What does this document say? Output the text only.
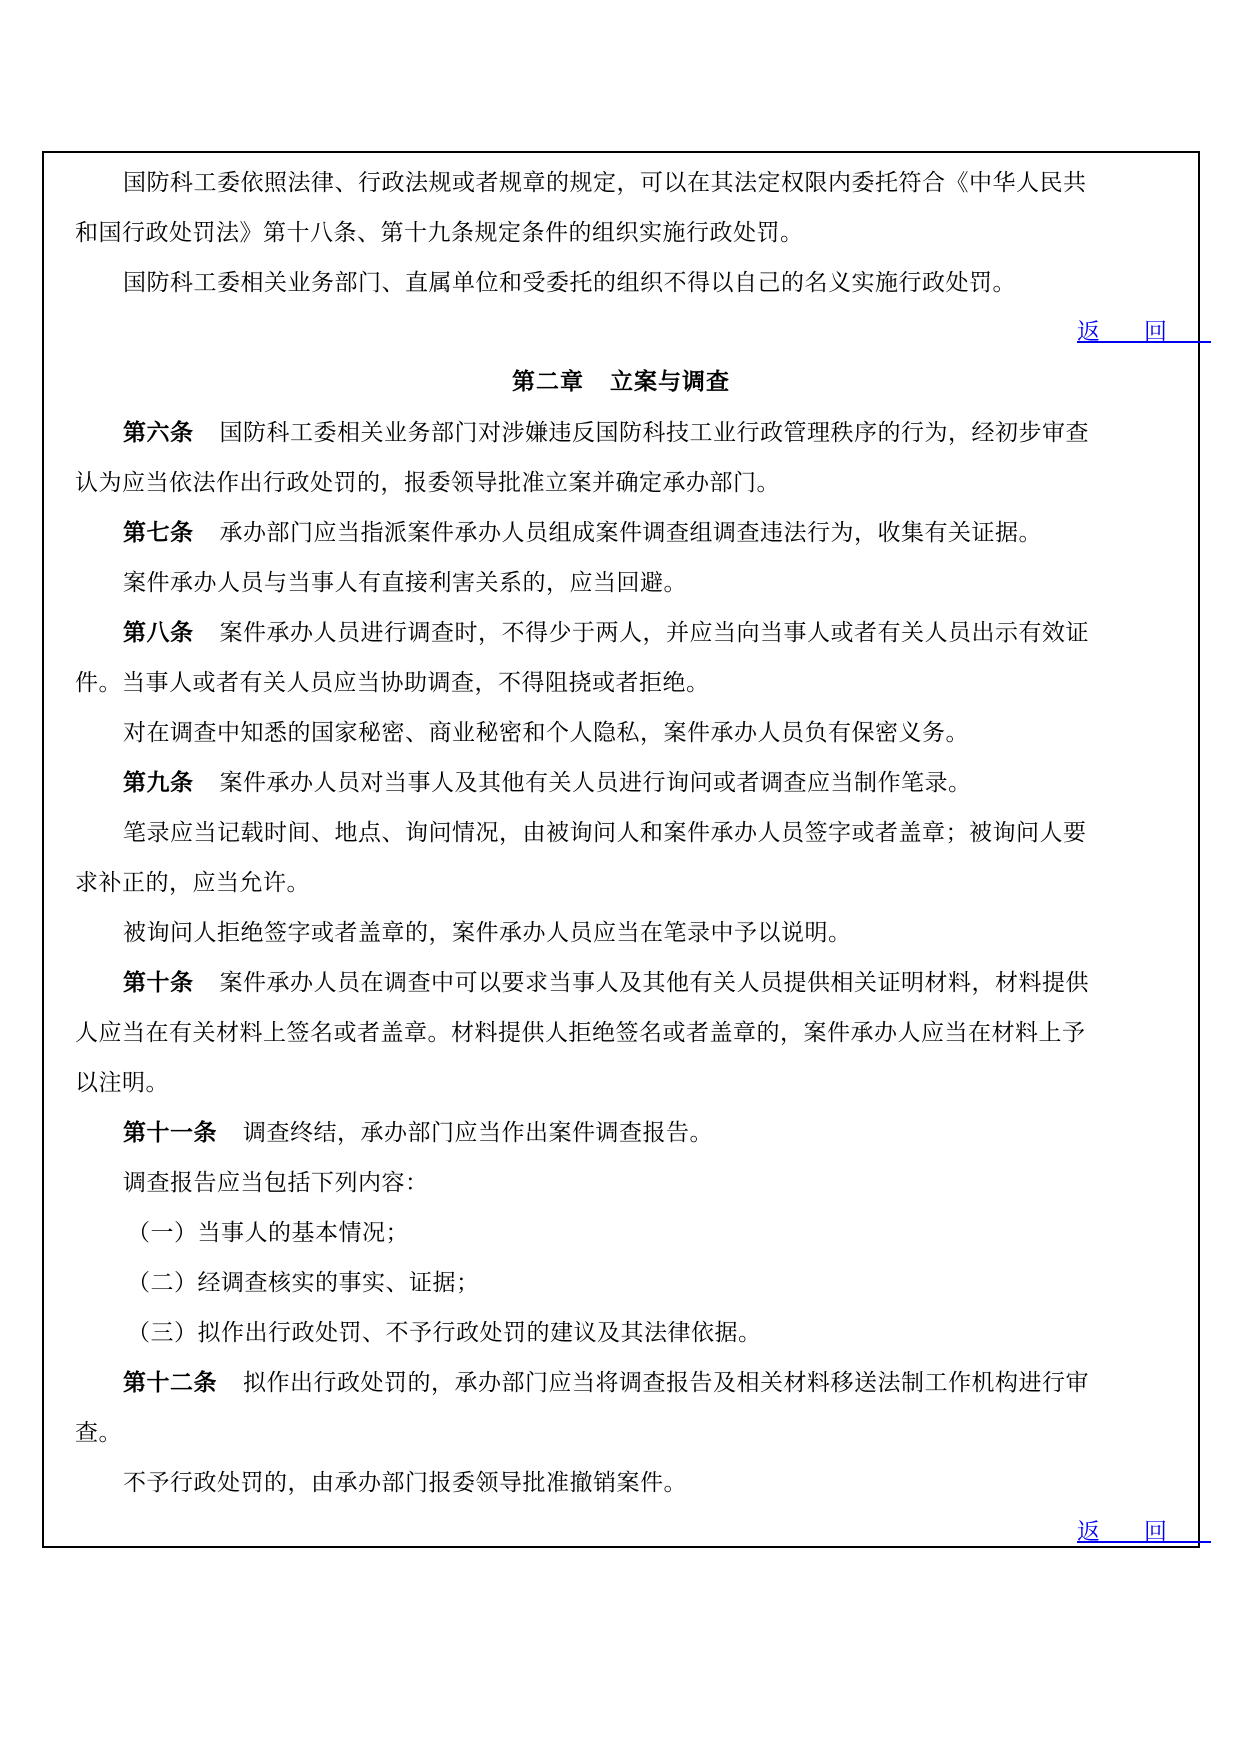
国防科工委依照法律、行政法规或者规章的规定，可以在其法定权限内委托符合《中华人民共
和国行政处罚法》第十八条、第十九条规定条件的组织实施行政处罚。
国防科工委相关业务部门、直属单位和受委托的组织不得以自己的名义实施行政处罚。
返回
第二章 立案与调查
第六条 国防科工委相关业务部门对涉嫌违反国防科技工业行政管理秩序的行为，经初步审查
认为应当依法作出行政处罚的，报委领导批准立案并确定承办部门。
第七条 承办部门应当指派案件承办人员组成案件调查组调查违法行为，收集有关证据。
案件承办人员与当事人有直接利害关系的，应当回避。
第八条 案件承办人员进行调查时，不得少于两人，并应当向当事人或者有关人员出示有效证
件。当事人或者有关人员应当协助调查，不得阻挠或者拒绝。
对在调查中知悉的国家秘密、商业秘密和个人隐私，案件承办人员负有保密义务。
第九条 案件承办人员对当事人及其他有关人员进行询问或者调查应当制作笔录。
笔录应当记载时间、地点、询问情况，由被询问人和案件承办人员签字或者盖章；被询问人要
求补正的，应当允许。
被询问人拒绝签字或者盖章的，案件承办人员应当在笔录中予以说明。
第十条 案件承办人员在调查中可以要求当事人及其他有关人员提供相关证明材料，材料提供
人应当在有关材料上签名或者盖章。材料提供人拒绝签名或者盖章的，案件承办人应当在材料上予
以注明。
第十一条 调查终结，承办部门应当作出案件调查报告。
调查报告应当包括下列内容：
（一）当事人的基本情况；
（二）经调查核实的事实、证据；
（三）拟作出行政处罚、不予行政处罚的建议及其法律依据。
第十二条 拟作出行政处罚的，承办部门应当将调查报告及相关材料移送法制工作机构进行审
查。
不予行政处罚的，由承办部门报委领导批准撤销案件。
返回
